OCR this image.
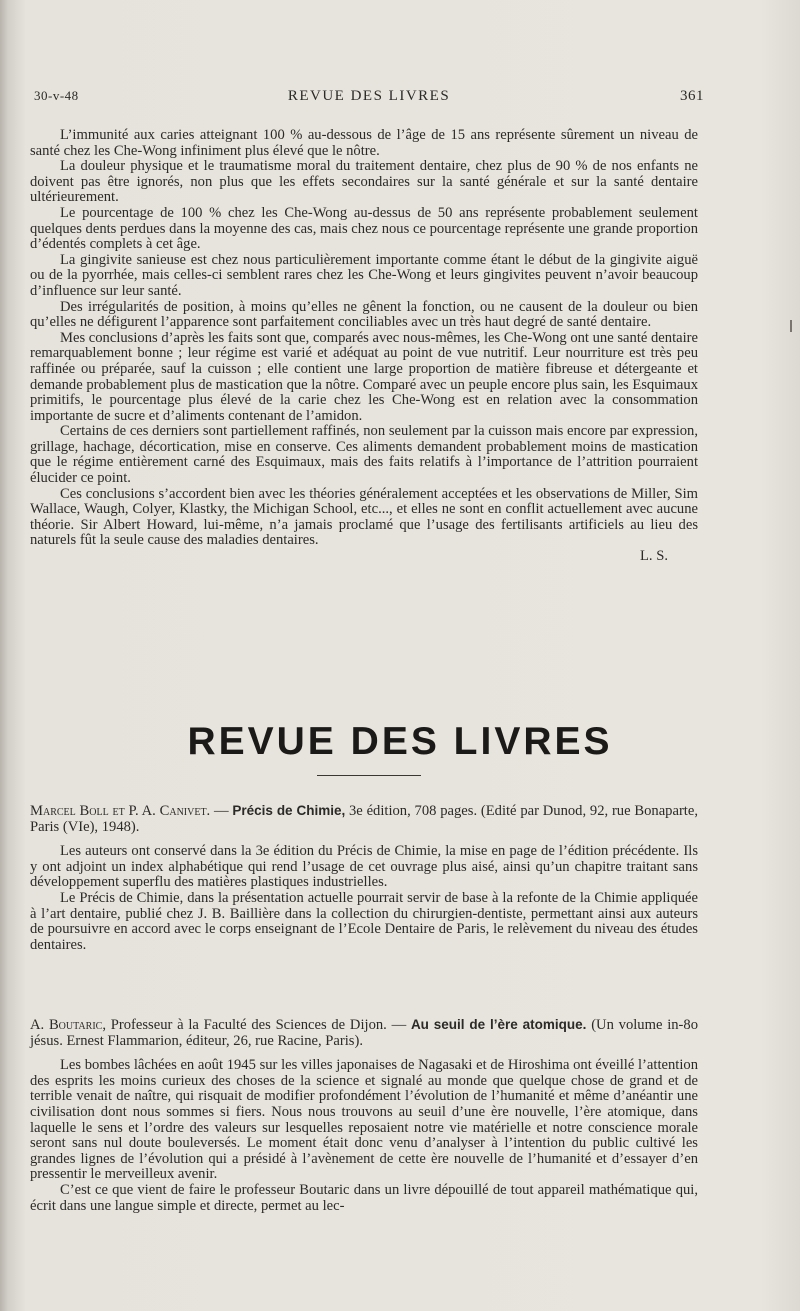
30-v-48	REVUE DES LIVRES	361

L’immunité aux caries atteignant 100 % au-dessous de l’âge de 15 ans représente sûrement un niveau de santé chez les Che-Wong infiniment plus élevé que le nôtre.

La douleur physique et le traumatisme moral du traitement dentaire, chez plus de 90 % de nos enfants ne doivent pas être ignorés, non plus que les effets secondaires sur la santé générale et sur la santé dentaire ultérieurement.

Le pourcentage de 100 % chez les Che-Wong au-dessus de 50 ans représente probablement seulement quelques dents perdues dans la moyenne des cas, mais chez nous ce pourcentage représente une grande proportion d’édentés complets à cet âge.

La gingivite sanieuse est chez nous particulièrement importante comme étant le début de la gingivite aiguë ou de la pyorrhée, mais celles-ci semblent rares chez les Che-Wong et leurs gingivites peuvent n’avoir beaucoup d’influence sur leur santé.

Des irrégularités de position, à moins qu’elles ne gênent la fonction, ou ne causent de la douleur ou bien qu’elles ne défigurent l’apparence sont parfaitement conciliables avec un très haut degré de santé dentaire.

Mes conclusions d’après les faits sont que, comparés avec nous-mêmes, les Che-Wong ont une santé dentaire remarquablement bonne ; leur régime est varié et adéquat au point de vue nutritif. Leur nourriture est très peu raffinée ou préparée, sauf la cuisson ; elle contient une large proportion de matière fibreuse et détergeante et demande probablement plus de mastication que la nôtre. Comparé avec un peuple encore plus sain, les Esquimaux primitifs, le pourcentage plus élevé de la carie chez les Che-Wong est en relation avec la consommation importante de sucre et d’aliments contenant de l’amidon.

Certains de ces derniers sont partiellement raffinés, non seulement par la cuisson mais encore par expression, grillage, hachage, décortication, mise en conserve. Ces aliments demandent probablement moins de mastication que le régime entièrement carné des Esquimaux, mais des faits relatifs à l’importance de l’attrition pourraient élucider ce point.

Ces conclusions s’accordent bien avec les théories généralement acceptées et les observations de Miller, Sim Wallace, Waugh, Colyer, Klastky, the Michigan School, etc..., et elles ne sont en conflit actuellement avec aucune théorie. Sir Albert Howard, lui-même, n’a jamais proclamé que l’usage des fertilisants artificiels au lieu des naturels fût la seule cause des maladies dentaires.

L. S.
REVUE DES LIVRES
Marcel Boll et P. A. Canivet. — Précis de Chimie, 3e édition, 708 pages. (Edité par Dunod, 92, rue Bonaparte, Paris (VIe), 1948).

Les auteurs ont conservé dans la 3e édition du Précis de Chimie, la mise en page de l’édition précédente. Ils y ont adjoint un index alphabétique qui rend l’usage de cet ouvrage plus aisé, ainsi qu’un chapitre traitant sans développement superflu des matières plastiques industrielles.

Le Précis de Chimie, dans la présentation actuelle pourrait servir de base à la refonte de la Chimie appliquée à l’art dentaire, publié chez J. B. Baillière dans la collection du chirurgien-dentiste, permettant ainsi aux auteurs de poursuivre en accord avec le corps enseignant de l’Ecole Dentaire de Paris, le relèvement du niveau des études dentaires.

A. Boutaric, Professeur à la Faculté des Sciences de Dijon. — Au seuil de l’ère atomique. (Un volume in-8o jésus. Ernest Flammarion, éditeur, 26, rue Racine, Paris).

Les bombes lâchées en août 1945 sur les villes japonaises de Nagasaki et de Hiroshima ont éveillé l’attention des esprits les moins curieux des choses de la science et signalé au monde que quelque chose de grand et de terrible venait de naître, qui risquait de modifier profondément l’évolution de l’humanité et même d’anéantir une civilisation dont nous sommes si fiers. Nous nous trouvons au seuil d’une ère nouvelle, l’ère atomique, dans laquelle le sens et l’ordre des valeurs sur lesquelles reposaient notre vie matérielle et notre conscience morale seront sans nul doute bouleversés. Le moment était donc venu d’analyser à l’intention du public cultivé les grandes lignes de l’évolution qui a présidé à l’avènement de cette ère nouvelle de l’humanité et d’essayer d’en pressentir le merveilleux avenir.

C’est ce que vient de faire le professeur Boutaric dans un livre dépouillé de tout appareil mathématique qui, écrit dans une langue simple et directe, permet au lec-
